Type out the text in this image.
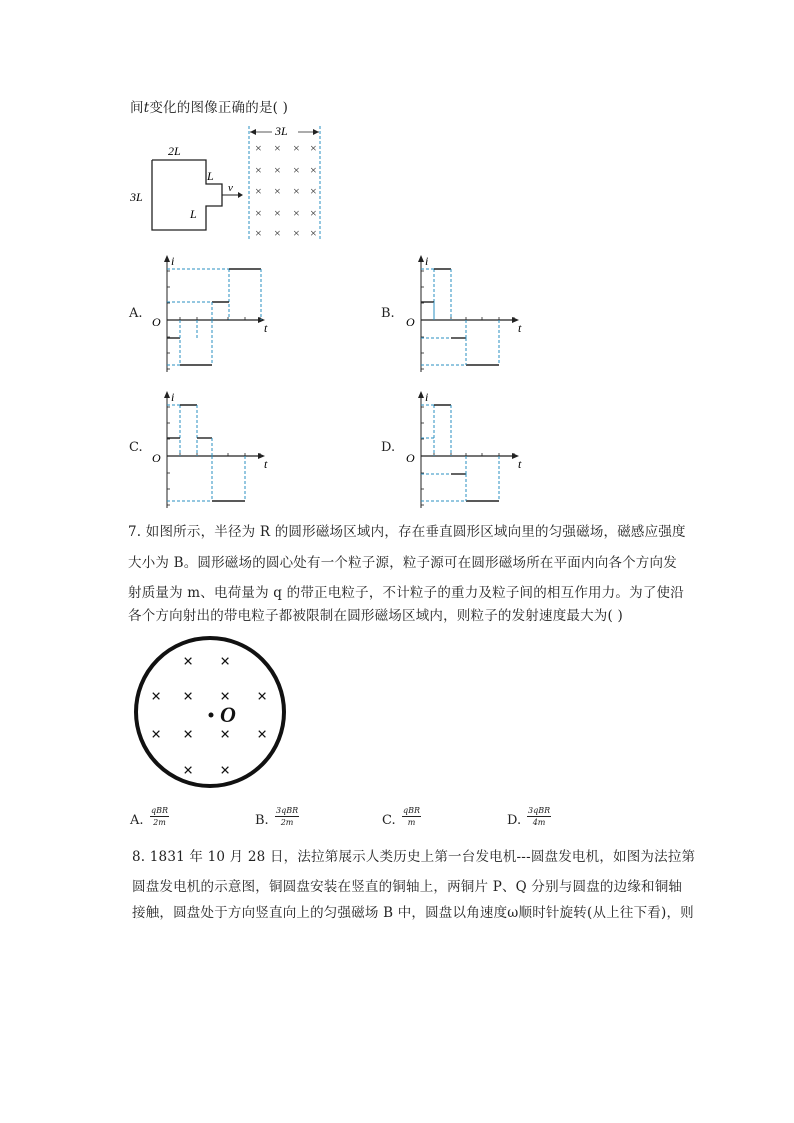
间t变化的图像正确的是( )
2L
3L
L
L
v
3L
× × × ×
× × × ×
× × × ×
× × × ×
× × × ×
i
t
O
A.
i
t
O
B.
i
t
O
C.
i
t
O
D.
7. 如图所示，半径为 R 的圆形磁场区域内，存在垂直圆形区域向里的匀强磁场，磁感应强度
大小为 B。圆形磁场的圆心处有一个粒子源，粒子源可在圆形磁场所在平面内向各个方向发
射质量为 m、电荷量为 q 的带正电粒子，不计粒子的重力及粒子间的相互作用力。为了使沿
各个方向射出的带电粒子都被限制在圆形磁场区域内，则粒子的发射速度最大为( )
× ×
× × × ×
× × × ×
× ×
O
A.
qBR
2m	B.
3qBR
2m	C.
qBR
m	D.
3qBR
4m
8. 1831 年 10 月 28 日，法拉第展示人类历史上第一台发电机---圆盘发电机，如图为法拉第
圆盘发电机的示意图，铜圆盘安装在竖直的铜轴上，两铜片 P、Q 分别与圆盘的边缘和铜轴
接触，圆盘处于方向竖直向上的匀强磁场 B 中，圆盘以角速度ω顺时针旋转(从上往下看)，则
